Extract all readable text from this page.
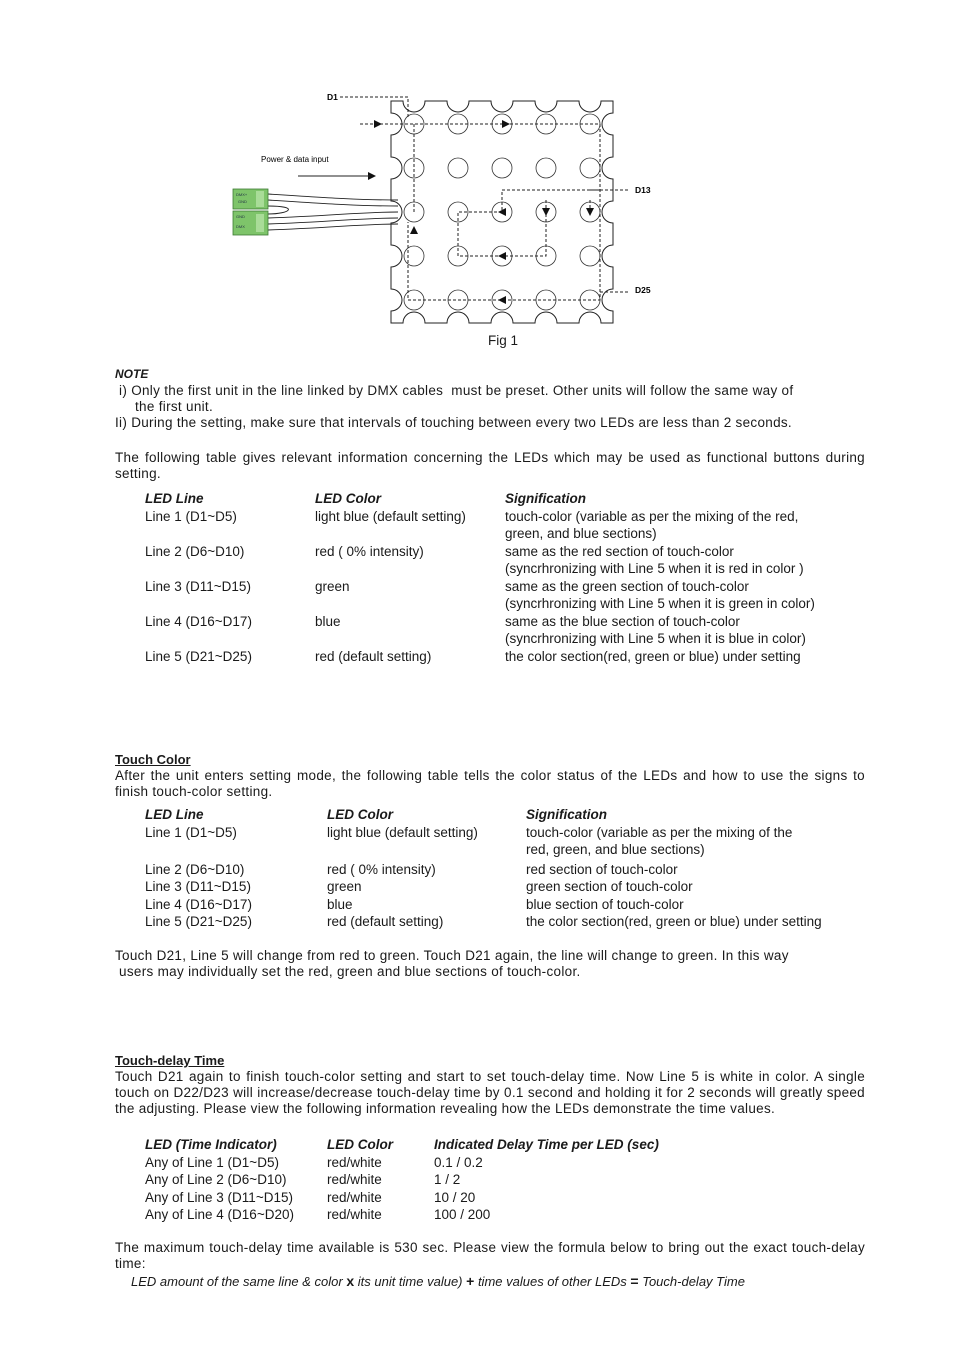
DMX+
GND
GND
DMX
D1
D13
D25
Power & data input
Fig 1
NOTE
i) Only the first unit in the line linked by DMX cables  must be preset. Other units will follow the same way of
the first unit.
Ii) During the setting, make sure that intervals of touching between every two LEDs are less than 2 seconds.
The following table gives relevant information concerning the LEDs which may be used as functional buttons during setting.
LED Line	LED Color	Signification
Line 1 (D1~D5)	light blue (default setting)	touch-color (variable as per the mixing of the red,
green, and blue sections)

Line 2 (D6~D10)	red ( 0% intensity)	same as the red section of touch-color
(syncrhronizing with Line 5 when it is red in color )

Line 3 (D11~D15)	green	same as the green section of touch-color
(syncrhronizing with Line 5 when it is green in color)

Line 4 (D16~D17)	blue	same as the blue section of touch-color
(syncrhronizing with Line 5 when it is blue in color)

Line 5 (D21~D25)	red (default setting)	the color section(red, green or blue) under setting
Touch Color
After the unit enters setting mode, the following table tells the color status of the LEDs and how to use the signs to finish touch-color setting.
LED Line	LED Color	Signification
Line 1 (D1~D5)	light blue (default setting)	touch-color (variable as per the mixing of the
red, green, and blue sections)

Line 2 (D6~D10)	red ( 0% intensity)	red section of touch-color
Line 3 (D11~D15)	green	green section of touch-color
Line 4 (D16~D17)	blue	blue section of touch-color
Line 5 (D21~D25)	red (default setting)	the color section(red, green or blue) under setting
Touch D21, Line 5 will change from red to green. Touch D21 again, the line will change to green. In this way
users may individually set the red, green and blue sections of touch-color.
Touch-delay Time
Touch D21 again to finish touch-color setting and start to set touch-delay time. Now Line 5 is white in color. A single touch on D22/D23 will increase/decrease touch-delay time by 0.1 second and holding it for 2 seconds will greatly speed the adjusting. Please view the following information revealing how the LEDs demonstrate the time values.
LED (Time Indicator)	LED Color	Indicated Delay Time per LED (sec)
Any of Line 1 (D1~D5)	red/white	0.1 / 0.2
Any of Line 2 (D6~D10)	red/white	1 / 2
Any of Line 3 (D11~D15)	red/white	10 / 20
Any of Line 4 (D16~D20)	red/white	100 / 200
The maximum touch-delay time available is 530 sec. Please view the formula below to bring out the exact touch-delay time:
LED amount of the same line & color x its unit time value) + time values of other LEDs = Touch-delay Time
